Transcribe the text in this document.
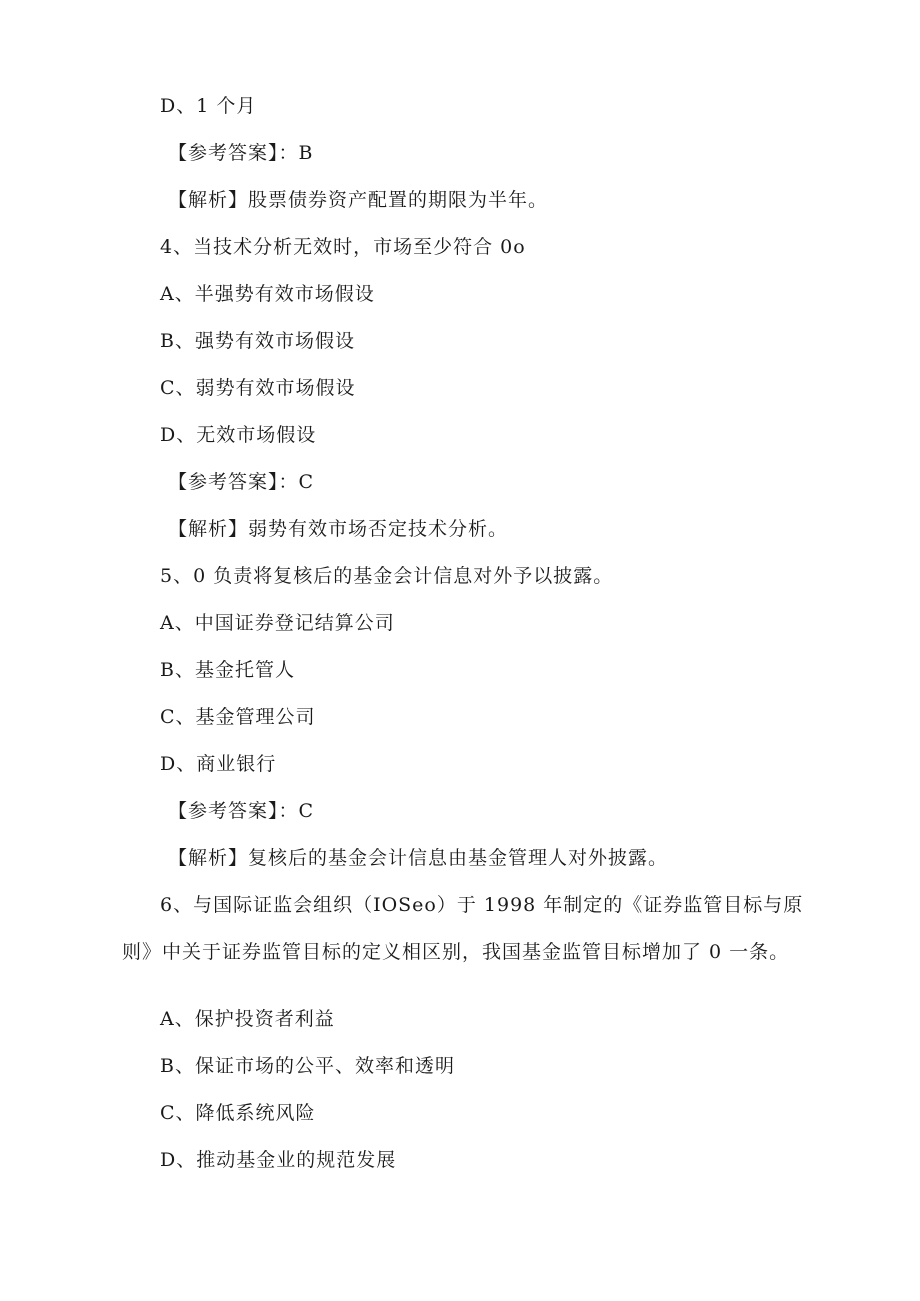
D、1 个月
【参考答案】：B
【解析】股票债券资产配置的期限为半年。
4、当技术分析无效时，市场至少符合 0o
A、半强势有效市场假设
B、强势有效市场假设
C、弱势有效市场假设
D、无效市场假设
【参考答案】：C
【解析】弱势有效市场否定技术分析。
5、0 负责将复核后的基金会计信息对外予以披露。
A、中国证券登记结算公司
B、基金托管人
C、基金管理公司
D、商业银行
【参考答案】：C
【解析】复核后的基金会计信息由基金管理人对外披露。
6、与国际证监会组织（IOSeo）于 1998 年制定的《证券监管目标与原则》中关于证券监管目标的定义相区别，我国基金监管目标增加了 0 一条。
A、保护投资者利益
B、保证市场的公平、效率和透明
C、降低系统风险
D、推动基金业的规范发展
